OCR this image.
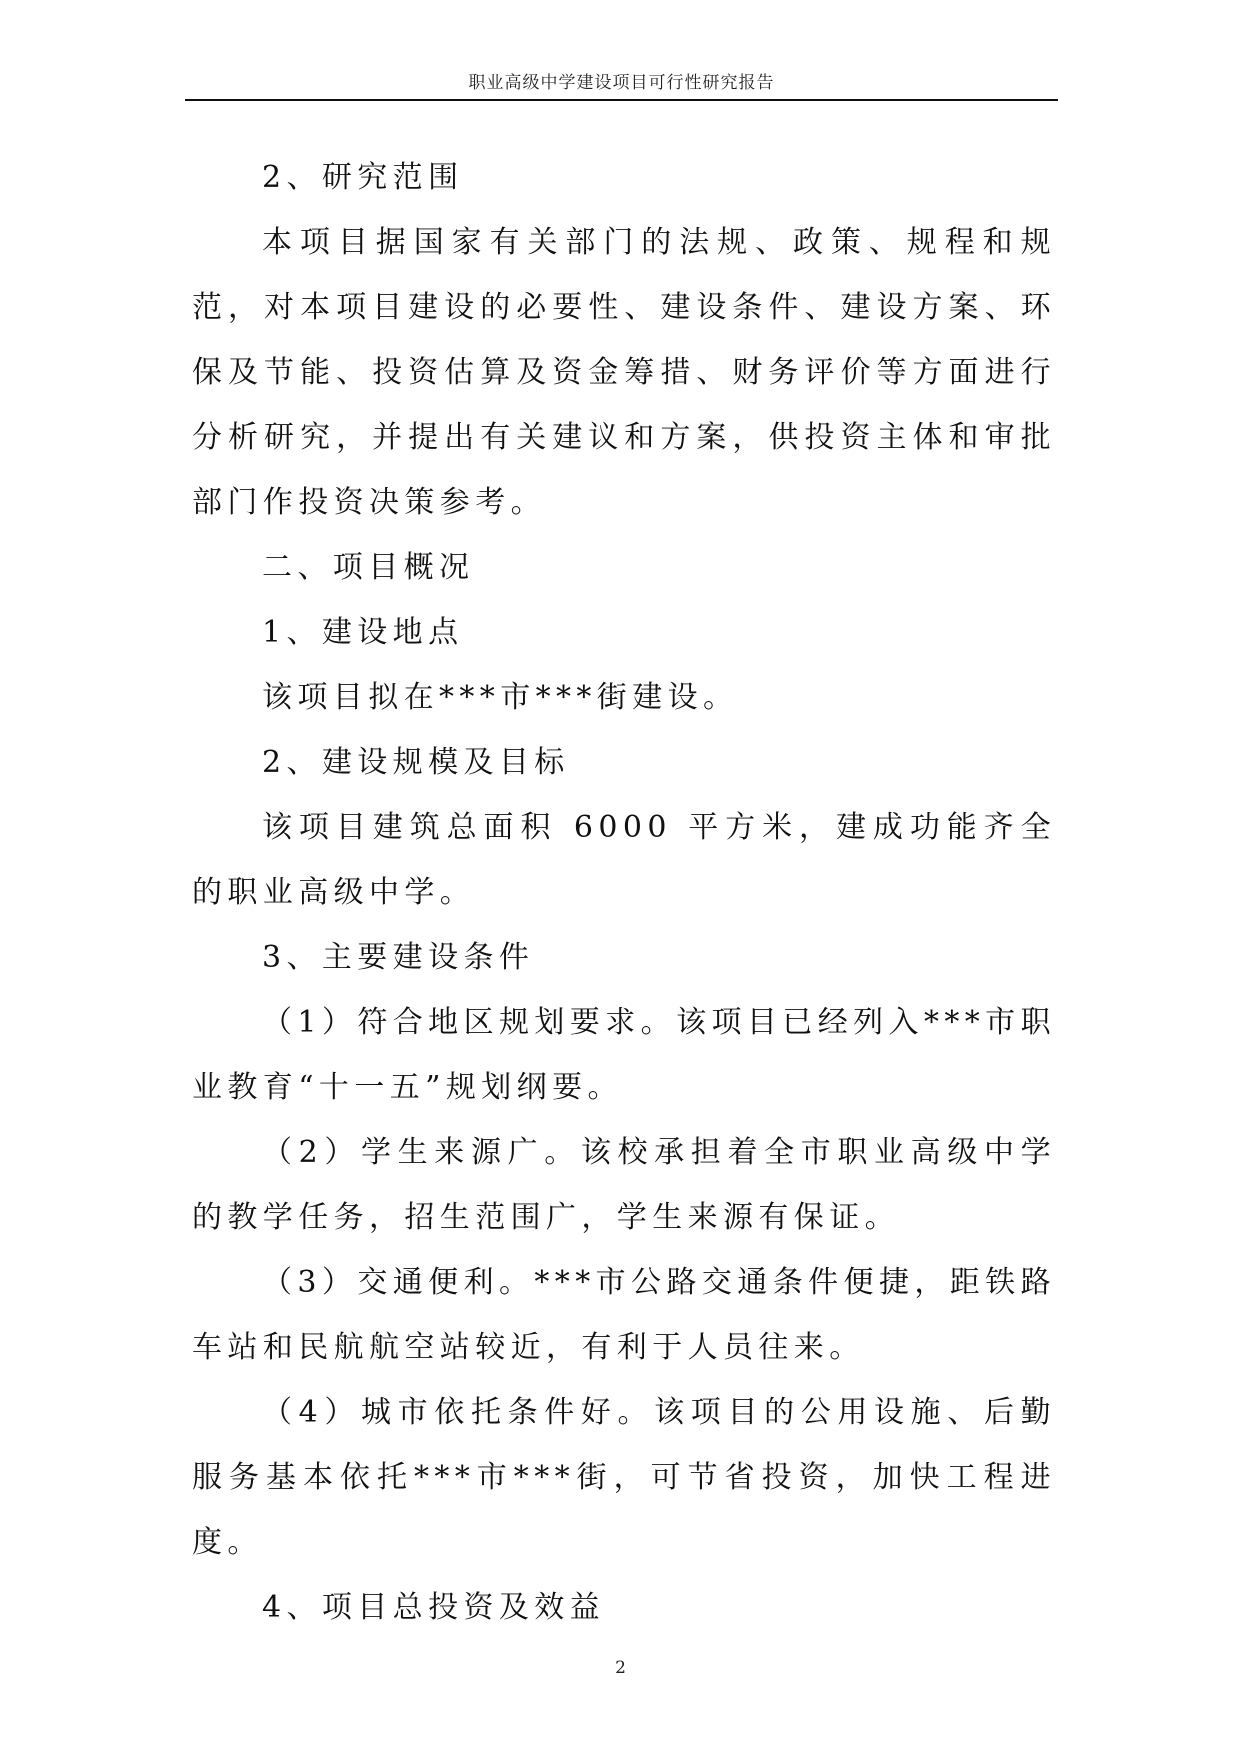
职业高级中学建设项目可行性研究报告

2、研究范围

本项目据国家有关部门的法规、政策、规程和规范，对本项目建设的必要性、建设条件、建设方案、环保及节能、投资估算及资金筹措、财务评价等方面进行分析研究，并提出有关建议和方案，供投资主体和审批部门作投资决策参考。

二、项目概况

1、建设地点

该项目拟在***市***街建设。

2、建设规模及目标

该项目建筑总面积 6000 平方米，建成功能齐全的职业高级中学。

3、主要建设条件

（1）符合地区规划要求。该项目已经列入***市职业教育“十一五”规划纲要。

（2）学生来源广。该校承担着全市职业高级中学的教学任务，招生范围广，学生来源有保证。

（3）交通便利。***市公路交通条件便捷，距铁路车站和民航航空站较近，有利于人员往来。

（4）城市依托条件好。该项目的公用设施、后勤服务基本依托***市***街，可节省投资，加快工程进度。

4、项目总投资及效益

2
